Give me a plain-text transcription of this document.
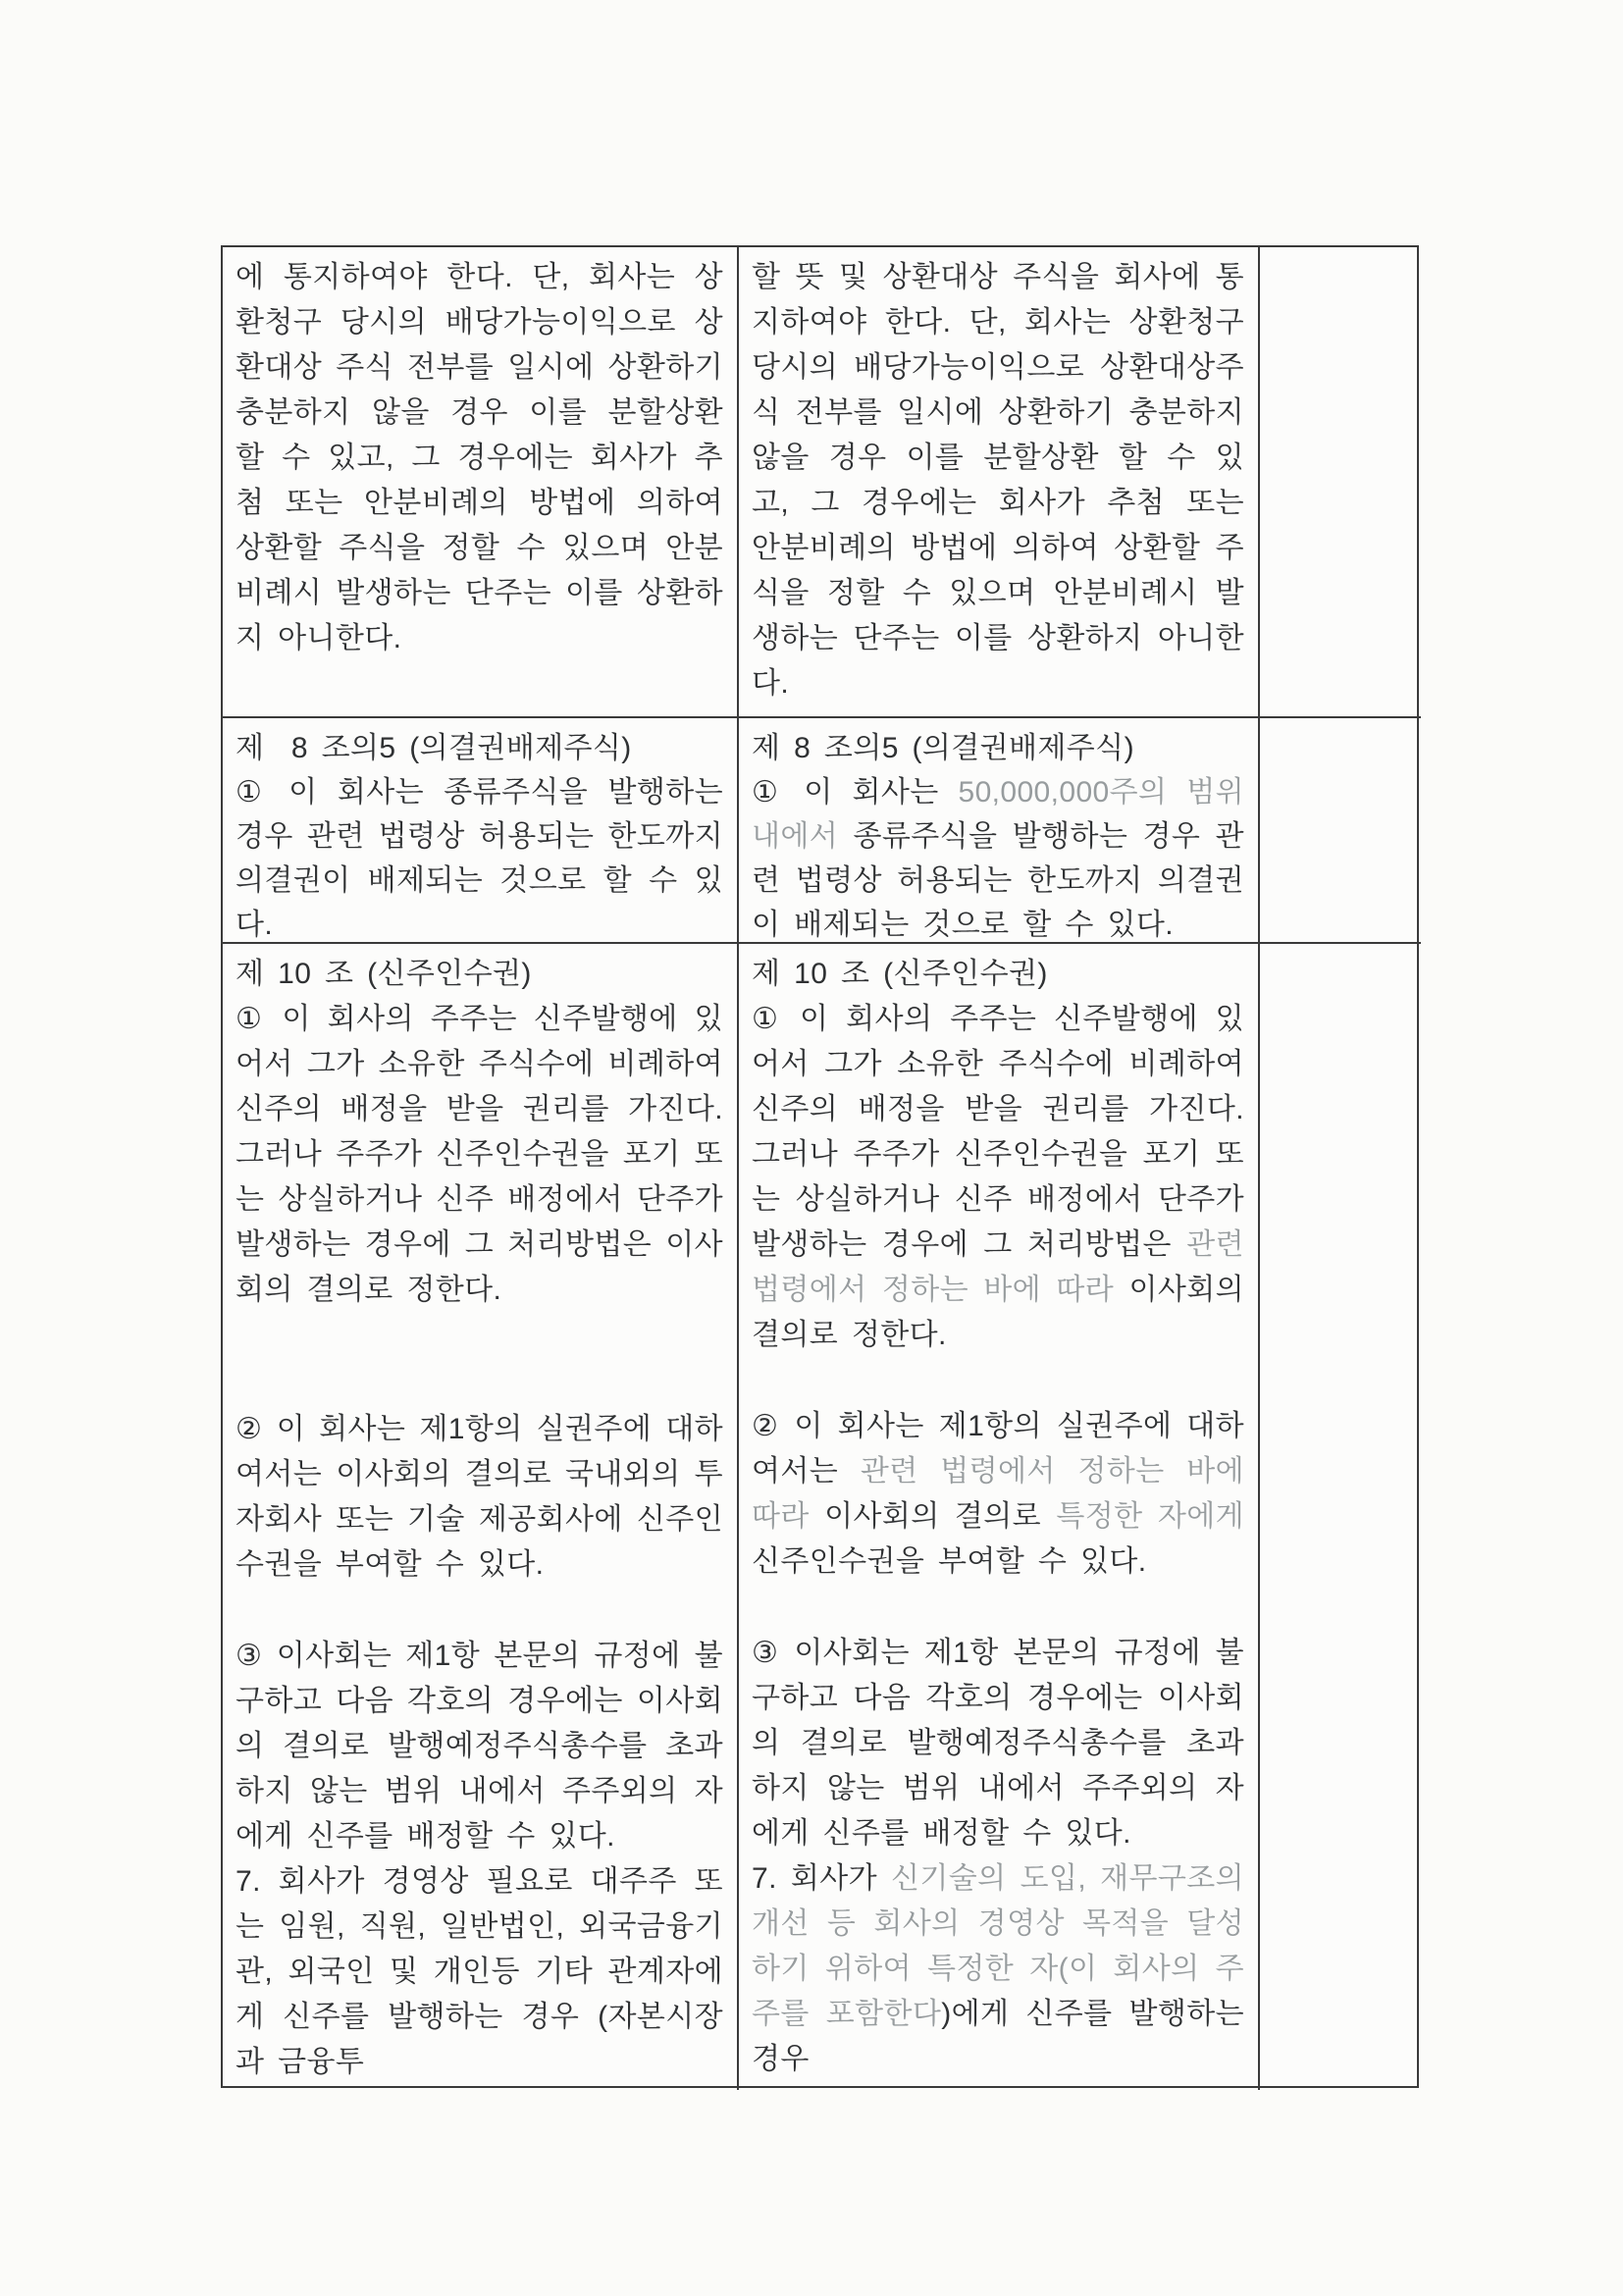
에 통지하여야 한다. 단, 회사는 상환청구 당시의 배당가능이익으로 상환대상 주식 전부를 일시에 상환하기 충분하지 않을 경우 이를 분할상환 할 수 있고, 그 경우에는 회사가 추첨 또는 안분비례의 방법에 의하여 상환할 주식을 정할 수 있으며 안분비례시 발생하는 단주는 이를 상환하지 아니한다.

할 뜻 및 상환대상 주식을 회사에 통지하여야 한다. 단, 회사는 상환청구 당시의 배당가능이익으로 상환대상주식 전부를 일시에 상환하기 충분하지 않을 경우 이를 분할상환 할 수 있고, 그 경우에는 회사가 추첨 또는 안분비례의 방법에 의하여 상환할 주식을 정할 수 있으며 안분비례시 발생하는 단주는 이를 상환하지 아니한다.

제  8 조의5 (의결권배제주식)

① 이 회사는 종류주식을 발행하는 경우 관련 법령상 허용되는 한도까지 의결권이 배제되는 것으로 할 수 있다.

제 8 조의5 (의결권배제주식)

① 이 회사는 50,000,000주의 범위 내에서 종류주식을 발행하는 경우 관련 법령상 허용되는 한도까지 의결권이 배제되는 것으로 할 수 있다.

제 10 조 (신주인수권)

① 이 회사의 주주는 신주발행에 있어서 그가 소유한 주식수에 비례하여 신주의 배정을 받을 권리를 가진다. 그러나 주주가 신주인수권을 포기 또는 상실하거나 신주 배정에서 단주가 발생하는 경우에 그 처리방법은 이사회의 결의로 정한다.

② 이 회사는 제1항의 실권주에 대하여서는 이사회의 결의로 국내외의 투자회사 또는 기술 제공회사에 신주인수권을 부여할 수 있다.

③ 이사회는 제1항 본문의 규정에 불구하고 다음 각호의 경우에는 이사회의 결의로 발행예정주식총수를 초과하지 않는 범위 내에서 주주외의 자에게 신주를 배정할 수 있다.

7. 회사가 경영상 필요로 대주주 또는 임원, 직원, 일반법인, 외국금융기관, 외국인 및 개인등 기타 관계자에게 신주를 발행하는 경우 (자본시장과 금융투

제 10 조 (신주인수권)

① 이 회사의 주주는 신주발행에 있어서 그가 소유한 주식수에 비례하여 신주의 배정을 받을 권리를 가진다. 그러나 주주가 신주인수권을 포기 또는 상실하거나 신주 배정에서 단주가 발생하는 경우에 그 처리방법은 관련 법령에서 정하는 바에 따라 이사회의 결의로 정한다.

② 이 회사는 제1항의 실권주에 대하여서는 관련 법령에서 정하는 바에 따라 이사회의 결의로 특정한 자에게 신주인수권을 부여할 수 있다.

③ 이사회는 제1항 본문의 규정에 불구하고 다음 각호의 경우에는 이사회의 결의로 발행예정주식총수를 초과하지 않는 범위 내에서 주주외의 자에게 신주를 배정할 수 있다.

7. 회사가 신기술의 도입, 재무구조의 개선 등 회사의 경영상 목적을 달성하기 위하여 특정한 자(이 회사의 주주를 포함한다)에게 신주를 발행하는 경우
